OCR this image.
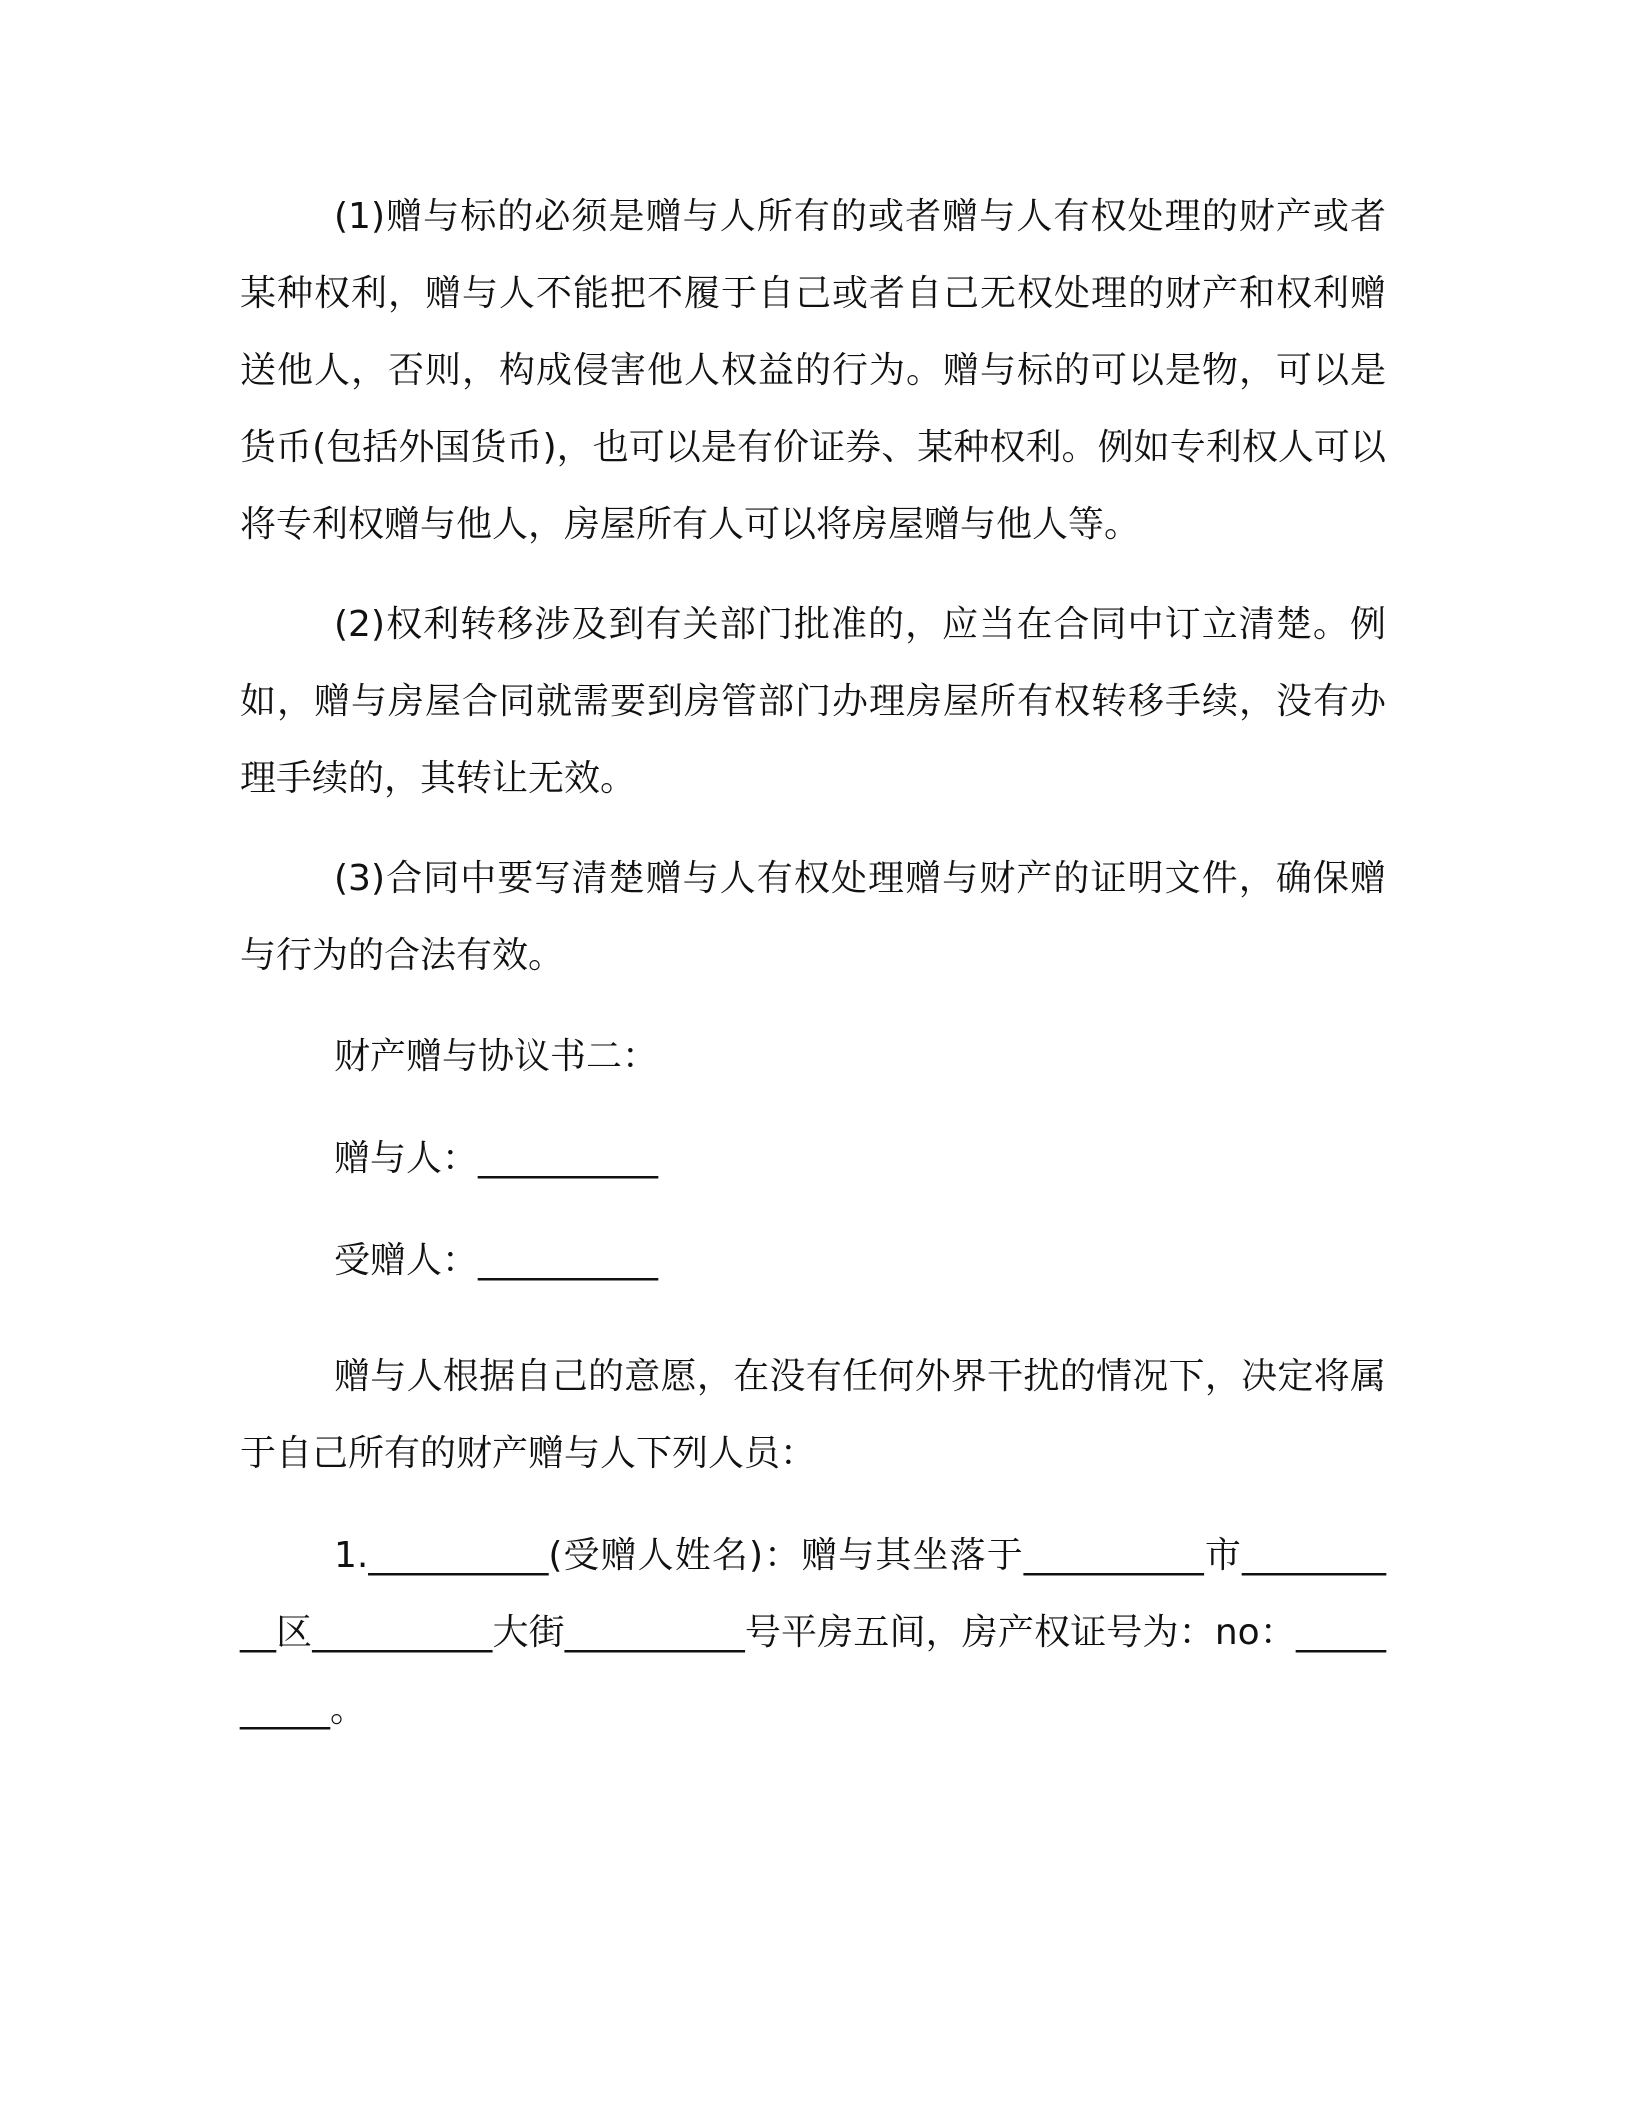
(1)赠与标的必须是赠与人所有的或者赠与人有权处理的财产或者某种权利，赠与人不能把不履于自己或者自己无权处理的财产和权利赠送他人，否则，构成侵害他人权益的行为。赠与标的可以是物，可以是货币(包括外国货币)，也可以是有价证券、某种权利。例如专利权人可以将专利权赠与他人，房屋所有人可以将房屋赠与他人等。

(2)权利转移涉及到有关部门批准的，应当在合同中订立清楚。例如，赠与房屋合同就需要到房管部门办理房屋所有权转移手续，没有办理手续的，其转让无效。

(3)合同中要写清楚赠与人有权处理赠与财产的证明文件，确保赠与行为的合法有效。

财产赠与协议书二：

赠与人：__________

受赠人：__________

赠与人根据自己的意愿，在没有任何外界干扰的情况下，决定将属于自己所有的财产赠与人下列人员：

1.__________(受赠人姓名)：赠与其坐落于__________市__________区__________大街__________号平房五间，房产权证号为：no：__________。
